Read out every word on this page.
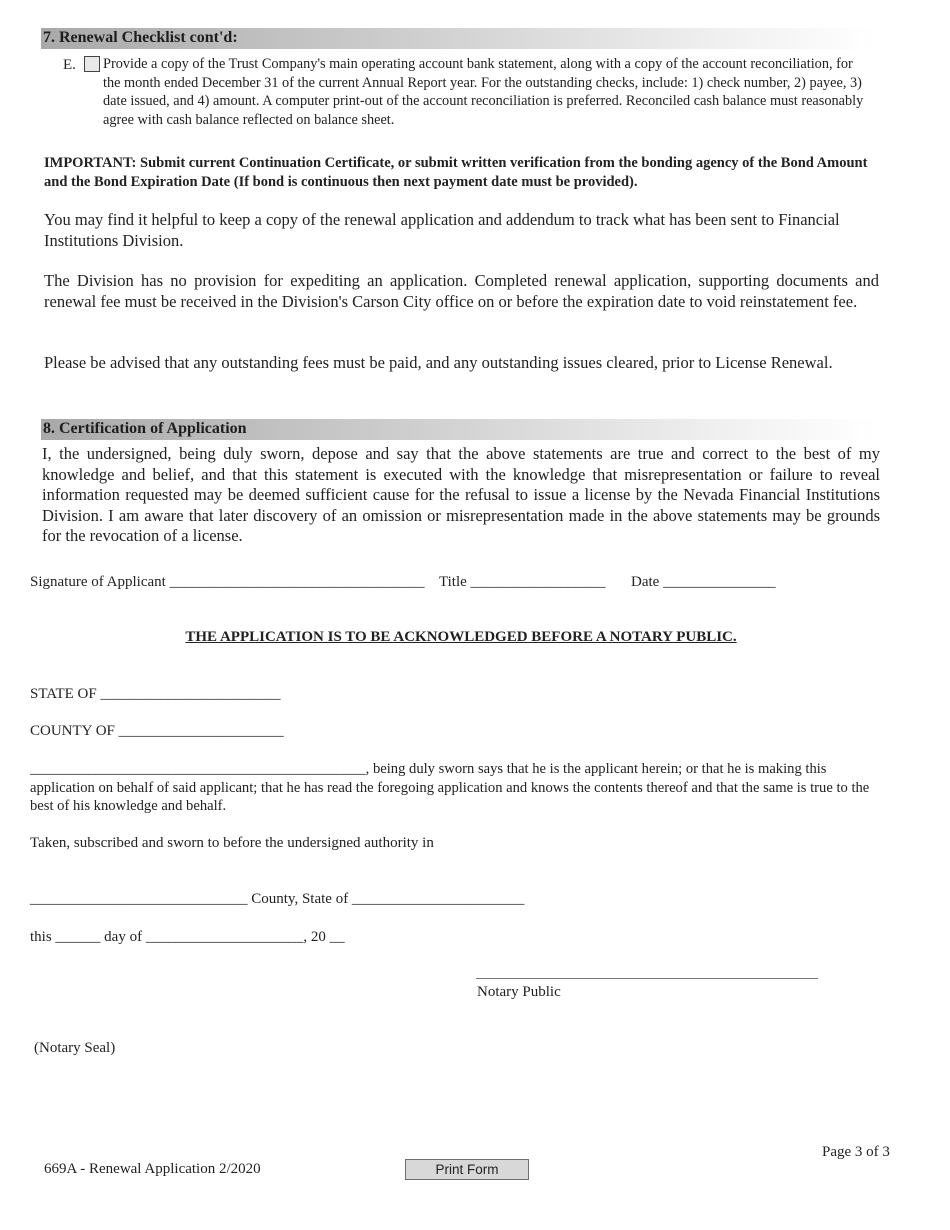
7. Renewal Checklist cont'd:
E. Provide a copy of the Trust Company's main operating account bank statement, along with a copy of the account reconciliation, for the month ended December 31 of the current Annual Report year. For the outstanding checks, include: 1) check number, 2) payee, 3) date issued, and 4) amount. A computer print-out of the account reconciliation is preferred. Reconciled cash balance must reasonably agree with cash balance reflected on balance sheet.
IMPORTANT: Submit current Continuation Certificate, or submit written verification from the bonding agency of the Bond Amount and the Bond Expiration Date (If bond is continuous then next payment date must be provided).
You may find it helpful to keep a copy of the renewal application and addendum to track what has been sent to Financial Institutions Division.
The Division has no provision for expediting an application. Completed renewal application, supporting documents and renewal fee must be received in the Division's Carson City office on or before the expiration date to void reinstatement fee.
Please be advised that any outstanding fees must be paid, and any outstanding issues cleared, prior to License Renewal.
8. Certification of Application
I, the undersigned, being duly sworn, depose and say that the above statements are true and correct to the best of my knowledge and belief, and that this statement is executed with the knowledge that misrepresentation or failure to reveal information requested may be deemed sufficient cause for the refusal to issue a license by the Nevada Financial Institutions Division. I am aware that later discovery of an omission or misrepresentation made in the above statements may be grounds for the revocation of a license.
Signature of Applicant __________________________________ Title __________________ Date _______________
THE APPLICATION IS TO BE ACKNOWLEDGED BEFORE A NOTARY PUBLIC.
STATE OF ________________________
COUNTY OF ______________________
______________________________________________, being duly sworn says that he is the applicant herein; or that he is making this application on behalf of said applicant; that he has read the foregoing application and knows the contents thereof and that the same is true to the best of his knowledge and behalf.
Taken, subscribed and sworn to before the undersigned authority in
_____________________________ County, State of _______________________
this ______ day of _____________________, 20 __
Notary Public
(Notary Seal)
Page 3 of 3
669A - Renewal Application 2/2020	Print Form
